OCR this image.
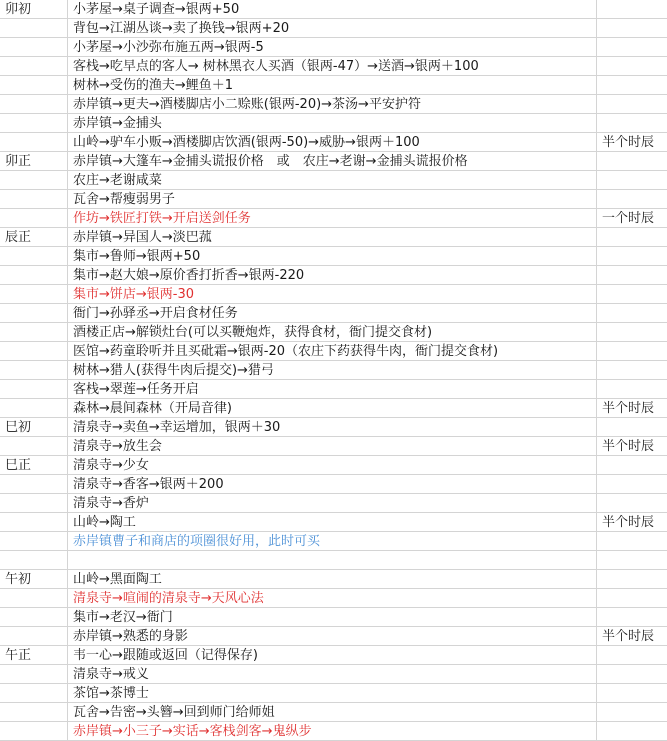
卯初	小茅屋→桌子调查→银两+50
背包→江湖丛谈→卖了换钱→银两+20
小茅屋→小沙弥布施五两→银两-5
客栈→吃早点的客人→ 树林黑衣人买酒（银两-47）→送酒→银两＋100
树林→受伤的渔夫→鲤鱼＋1
赤岸镇→更夫→酒楼脚店小二赊账(银两-20)→茶汤→平安护符
赤岸镇→金捕头
山岭→驴车小贩→酒楼脚店饮酒(银两-50)→威胁→银两＋100	半个时辰
卯正	赤岸镇→大篷车→金捕头谎报价格　或　农庄→老谢→金捕头谎报价格
农庄→老谢咸菜
瓦舍→帮瘦弱男子
作坊→铁匠打铁→开启送剑任务	一个时辰
辰正	赤岸镇→异国人→淡巴菰
集市→鲁师→银两+50
集市→赵大娘→原价香打折香→银两-220
集市→饼店→银两-30
衙门→孙驿丞→开启食材任务
酒楼正店→解锁灶台(可以买鞭炮炸，获得食材，衙门提交食材)
医馆→药童聆听并且买砒霜→银两-20（农庄下药获得牛肉，衙门提交食材)
树林→猎人(获得牛肉后提交)→猎弓
客栈→翠莲→任务开启
森林→晨间森林（开局音律)	半个时辰
巳初	清泉寺→卖鱼→幸运增加，银两＋30
清泉寺→放生会	半个时辰
巳正	清泉寺→少女
清泉寺→香客→银两＋200
清泉寺→香炉
山岭→陶工	半个时辰
赤岸镇曹子和商店的项圈很好用，此时可买
午初	山岭→黑面陶工
清泉寺→喧闹的清泉寺→天风心法
集市→老汉→衙门
赤岸镇→熟悉的身影	半个时辰
午正	韦一心→跟随或返回（记得保存)
清泉寺→戒义
茶馆→茶博士
瓦舍→告密→头簪→回到师门给师姐
赤岸镇→小三子→实话→客栈剑客→鬼纵步
